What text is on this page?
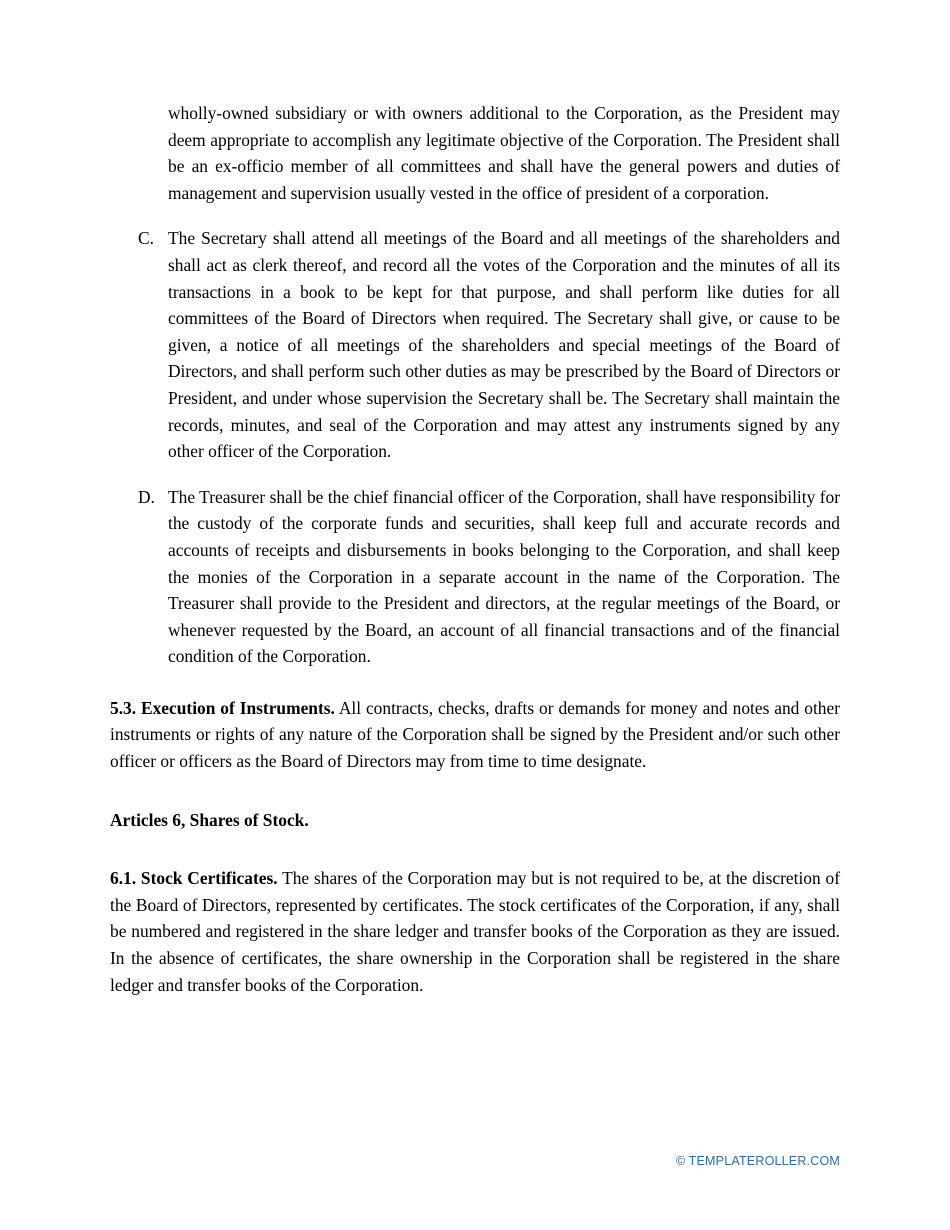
wholly-owned subsidiary or with owners additional to the Corporation, as the President may deem appropriate to accomplish any legitimate objective of the Corporation. The President shall be an ex-officio member of all committees and shall have the general powers and duties of management and supervision usually vested in the office of president of a corporation.

C. The Secretary shall attend all meetings of the Board and all meetings of the shareholders and shall act as clerk thereof, and record all the votes of the Corporation and the minutes of all its transactions in a book to be kept for that purpose, and shall perform like duties for all committees of the Board of Directors when required. The Secretary shall give, or cause to be given, a notice of all meetings of the shareholders and special meetings of the Board of Directors, and shall perform such other duties as may be prescribed by the Board of Directors or President, and under whose supervision the Secretary shall be. The Secretary shall maintain the records, minutes, and seal of the Corporation and may attest any instruments signed by any other officer of the Corporation.
D. The Treasurer shall be the chief financial officer of the Corporation, shall have responsibility for the custody of the corporate funds and securities, shall keep full and accurate records and accounts of receipts and disbursements in books belonging to the Corporation, and shall keep the monies of the Corporation in a separate account in the name of the Corporation. The Treasurer shall provide to the President and directors, at the regular meetings of the Board, or whenever requested by the Board, an account of all financial transactions and of the financial condition of the Corporation.

5.3. Execution of Instruments. All contracts, checks, drafts or demands for money and notes and other instruments or rights of any nature of the Corporation shall be signed by the President and/or such other officer or officers as the Board of Directors may from time to time designate.

Articles 6, Shares of Stock.

6.1. Stock Certificates. The shares of the Corporation may but is not required to be, at the discretion of the Board of Directors, represented by certificates. The stock certificates of the Corporation, if any, shall be numbered and registered in the share ledger and transfer books of the Corporation as they are issued. In the absence of certificates, the share ownership in the Corporation shall be registered in the share ledger and transfer books of the Corporation.

© TEMPLATEROLLER.COM
